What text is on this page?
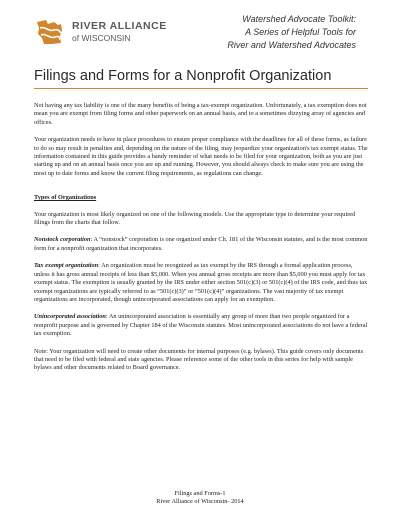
RIVER ALLIANCE
of WISCONSIN
Watershed Advocate Toolkit:
A Series of Helpful Tools for
River and Watershed Advocates
Filings and Forms for a Nonprofit Organization

Not having any tax liability is one of the many benefits of being a tax-exempt organization. Unfortunately, a tax exemption does not mean you are exempt from filing forms and other paperwork on an annual basis, and to a sometimes dizzying array of agencies and offices.

Your organization needs to have in place procedures to ensure proper compliance with the deadlines for all of these forms, as failure to do so may result in penalties and, depending on the nature of the filing, may jeopardize your organization's tax exempt status. The information contained in this guide provides a handy reminder of what needs to be filed for your organization, both as you are just starting up and on an annual basis once you are up and running. However, you should always check to make sure you are using the most up to date forms and know the current filing requirements, as regulations can change.

Types of Organizations

Your organization is most likely organized on one of the following models. Use the appropriate type to determine your required filings from the charts that follow.

Nonstock corporation: A “nonstock” corporation is one organized under Ch. 181 of the Wisconsin statutes, and is the most common form for a nonprofit organization that incorporates.

Tax exempt organization: An organization must be recognized as tax exempt by the IRS through a formal application process, unless it has gross annual receipts of less than $5,000. When you annual gross receipts are more than $5,000 you must apply for tax exempt status. The exemption is usually granted by the IRS under either section 501(c)(3) or 501(c)(4) of the IRS code, and thus tax exempt organizations are typically referred to as “501(c)(3)” or “501(c)(4)” organizations. The vast majority of tax exempt organizations are incorporated, though unincorporated associations can apply for an exemption.

Unincorporated association: An unincorporated association is essentially any group of more than two people organized for a nonprofit purpose and is governed by Chapter 184 of the Wisconsin statutes. Most unincorporated associations do not have a federal tax exemption.

Note: Your organization will need to create other documents for internal purposes (e.g. bylaws). This guide covers only documents that need to be filed with federal and state agencies. Please reference some of the other tools in this series for help with sample bylaws and other documents related to Board governance.

Filings and Forms-1
River Alliance of Wisconsin- 2014
